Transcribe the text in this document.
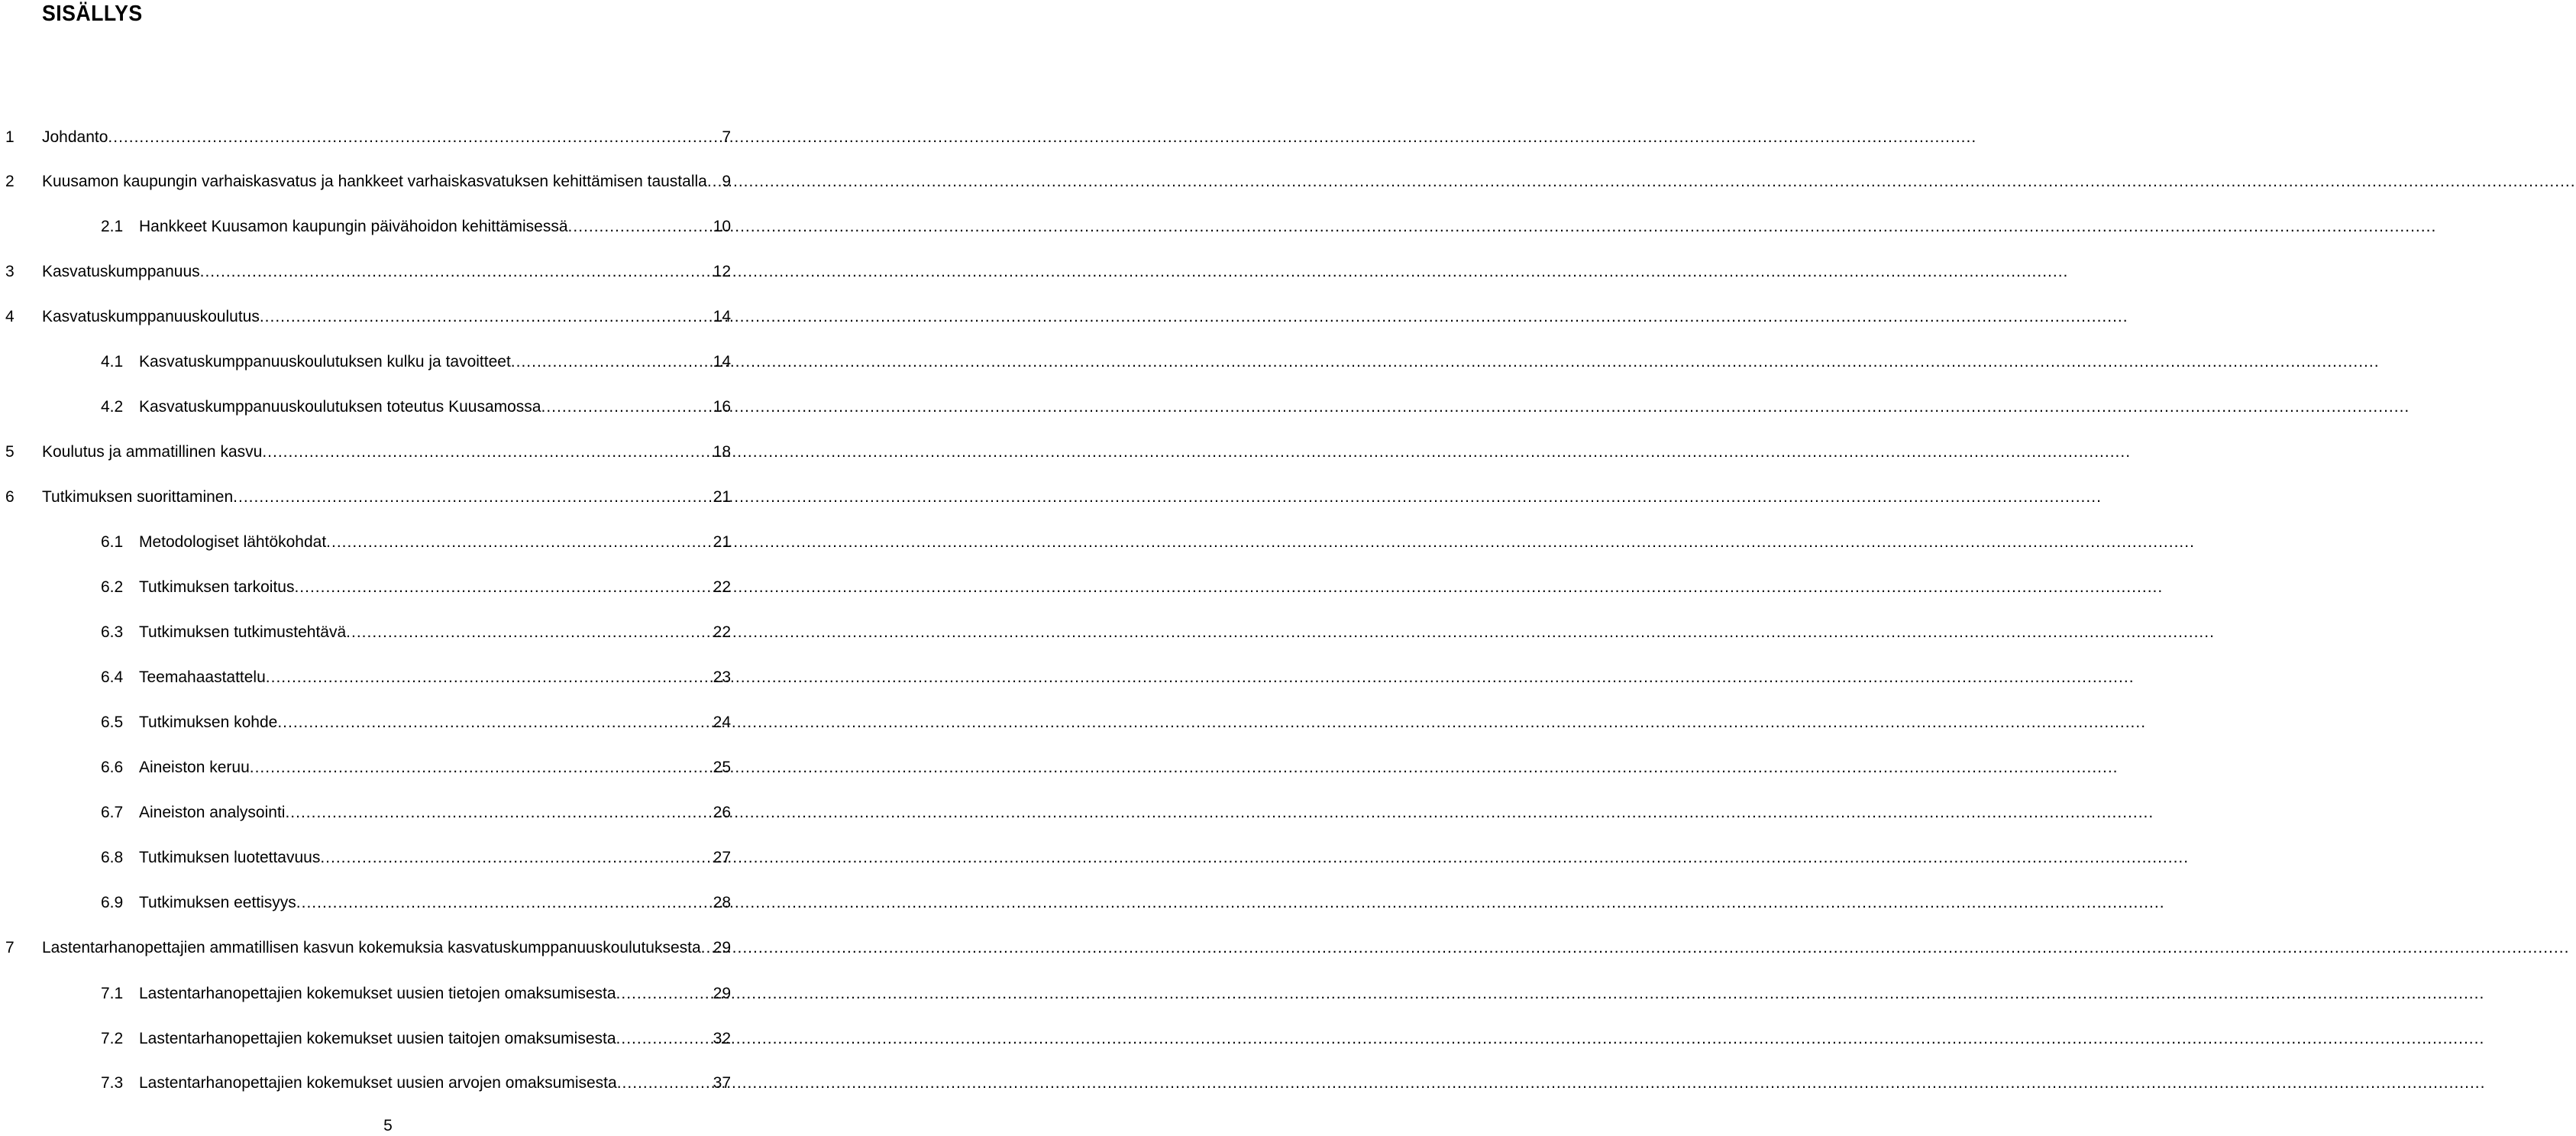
SISÄLLYS
1	Johdanto .....	7
2	Kuusamon kaupungin varhaiskasvatus ja hankkeet varhaiskasvatuksen kehittämisen taustalla ..... 9
2.1 Hankkeet Kuusamon kaupungin päivähoidon kehittämisessä .....	10
3	Kasvatuskumppanuus .....	12
4	Kasvatuskumppanuuskoulutus .....	14
4.1 Kasvatuskumppanuuskoulutuksen kulku ja tavoitteet .....	14
4.2 Kasvatuskumppanuuskoulutuksen toteutus Kuusamossa .....	16
5	Koulutus ja ammatillinen kasvu .....	18
6	Tutkimuksen suorittaminen .....	21
6.1 Metodologiset lähtökohdat .....	21
6.2 Tutkimuksen tarkoitus .....	22
6.3 Tutkimuksen tutkimustehtävä .....	22
6.4 Teemahaastattelu .....	23
6.5 Tutkimuksen kohde .....	24
6.6 Aineiston keruu .....	25
6.7 Aineiston analysointi .....	26
6.8 Tutkimuksen luotettavuus .....	27
6.9 Tutkimuksen eettisyys .....	28
7	Lastentarhanopettajien ammatillisen kasvun kokemuksia kasvatuskumppanuuskoulutuksesta ..... 29
7.1 Lastentarhanopettajien kokemukset uusien tietojen omaksumisesta .....	29
7.2 Lastentarhanopettajien kokemukset uusien taitojen omaksumisesta .....	32
7.3 Lastentarhanopettajien kokemukset uusien arvojen omaksumisesta .....	37
5
